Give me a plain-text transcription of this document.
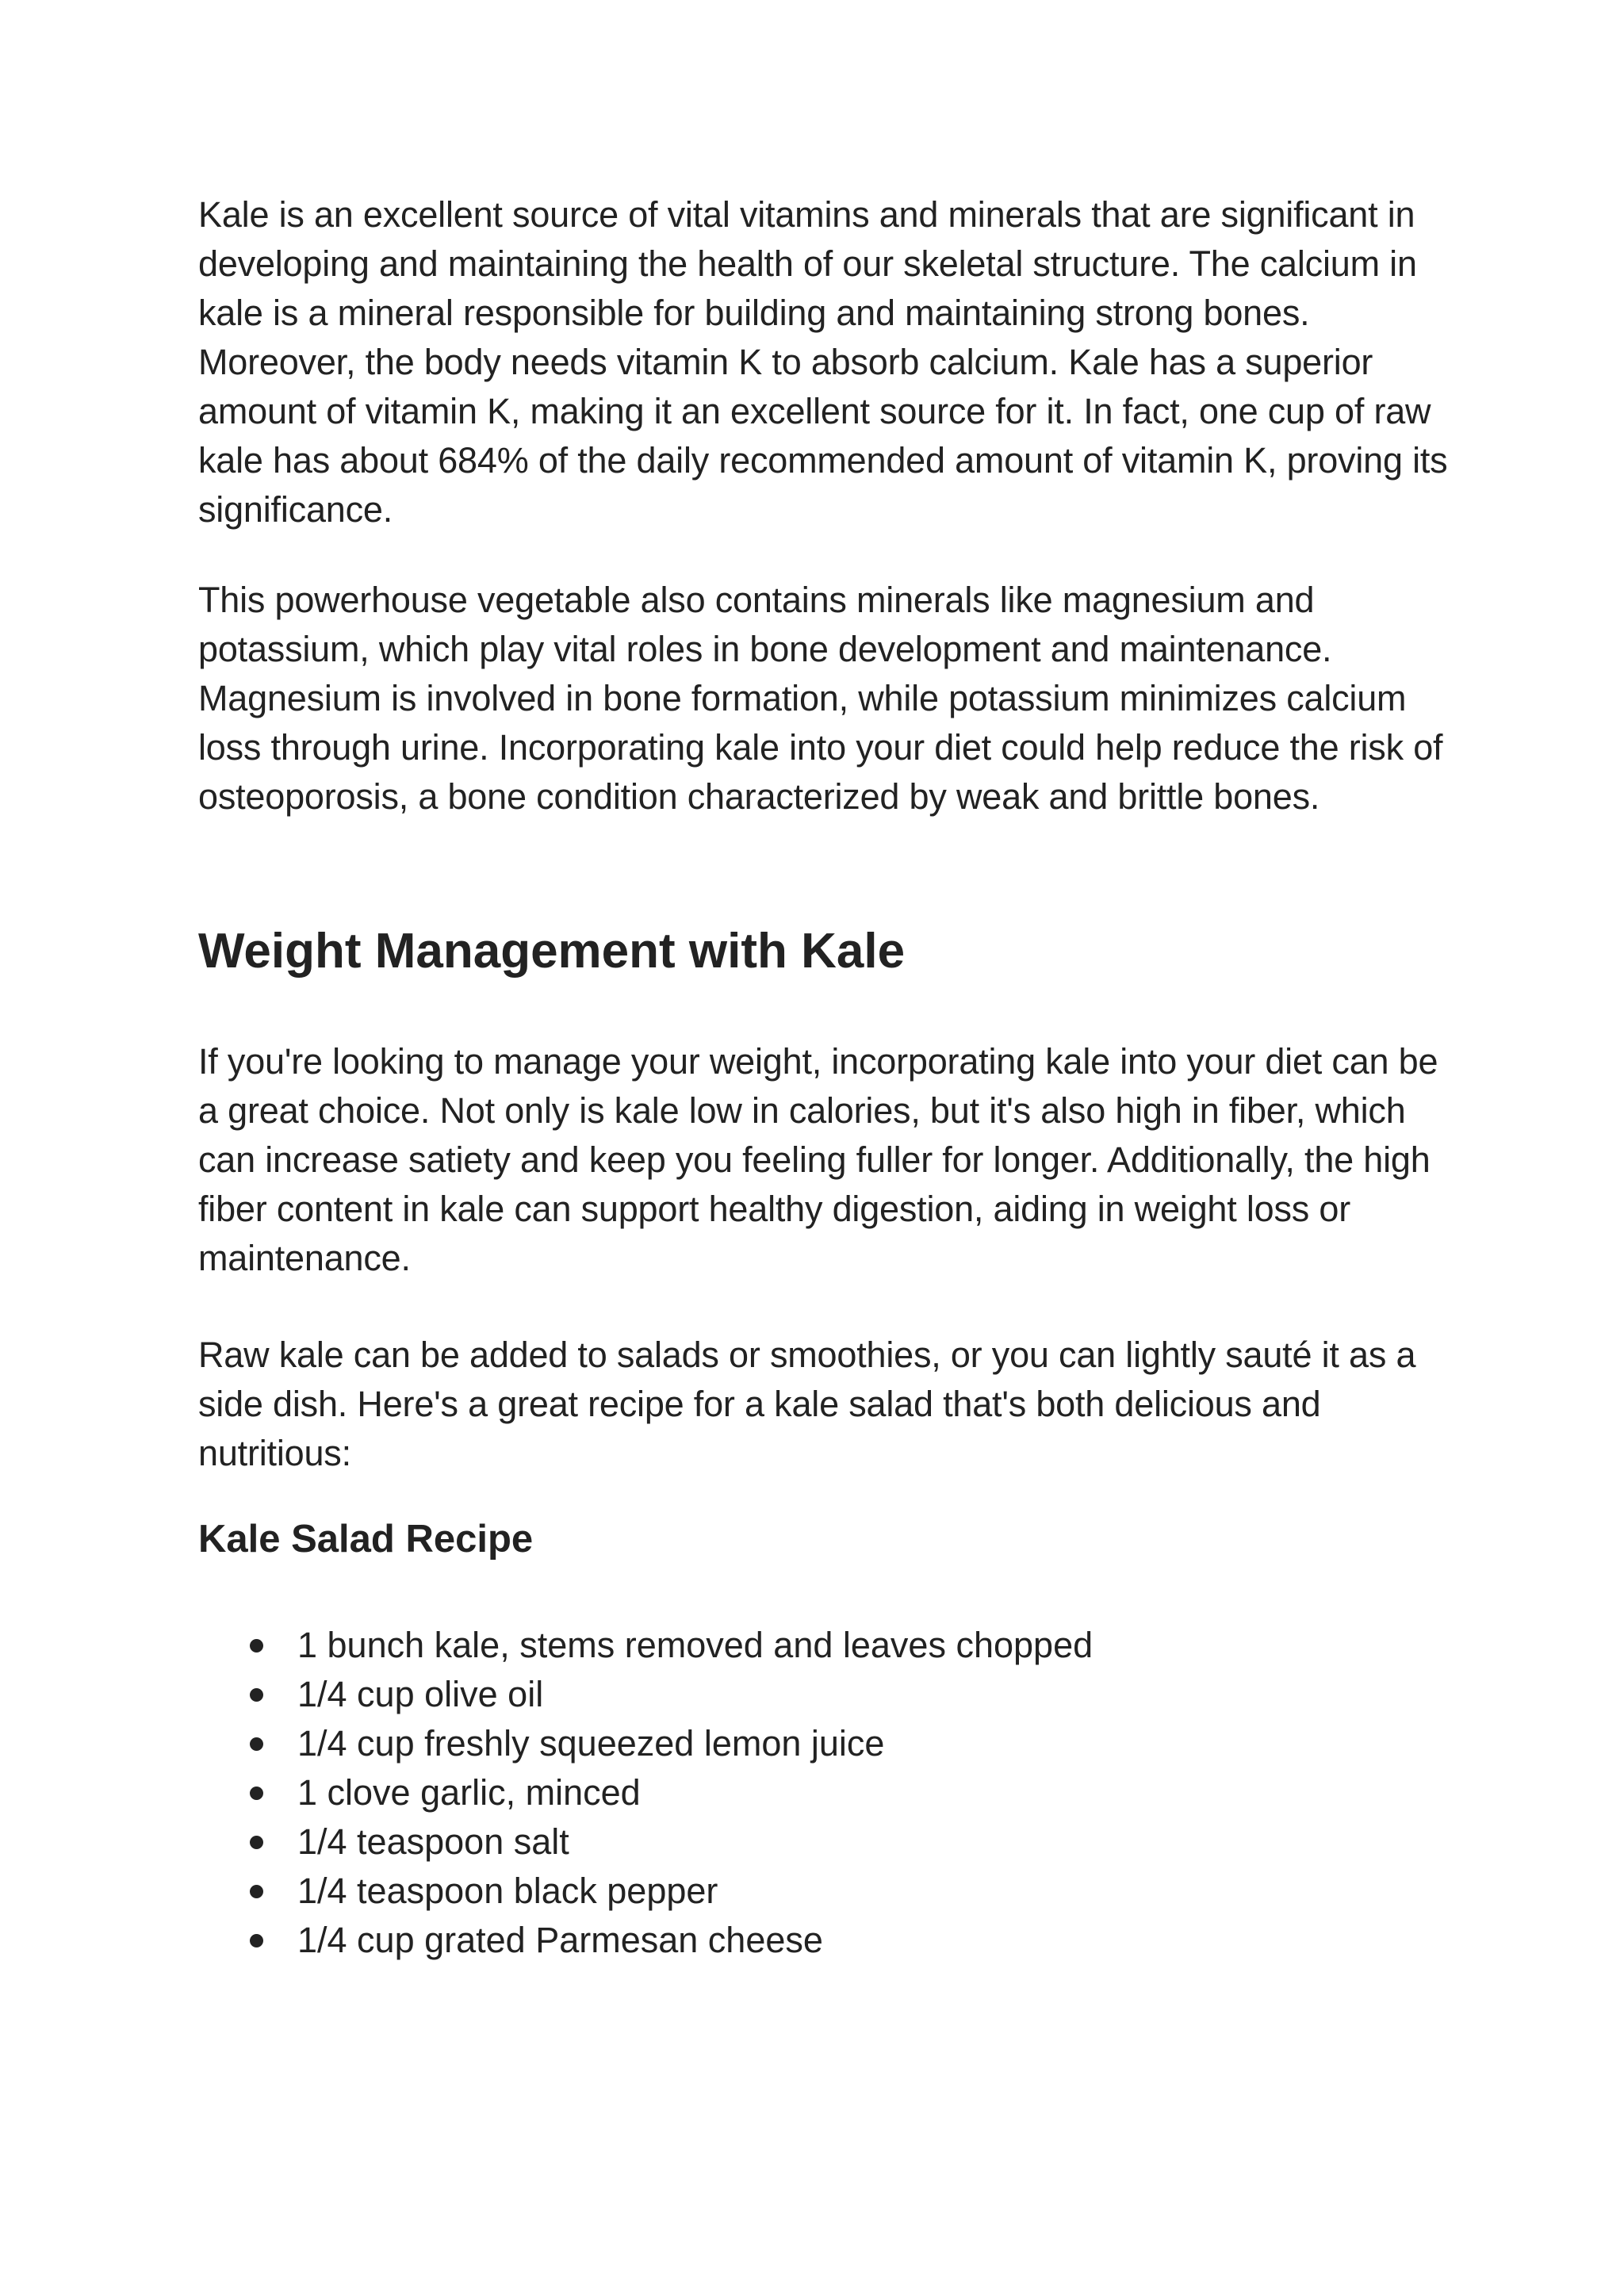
Kale is an excellent source of vital vitamins and minerals that are significant in developing and maintaining the health of our skeletal structure. The calcium in kale is a mineral responsible for building and maintaining strong bones. Moreover, the body needs vitamin K to absorb calcium. Kale has a superior amount of vitamin K, making it an excellent source for it. In fact, one cup of raw kale has about 684% of the daily recommended amount of vitamin K, proving its significance.

This powerhouse vegetable also contains minerals like magnesium and potassium, which play vital roles in bone development and maintenance. Magnesium is involved in bone formation, while potassium minimizes calcium loss through urine. Incorporating kale into your diet could help reduce the risk of osteoporosis, a bone condition characterized by weak and brittle bones.

Weight Management with Kale

If you're looking to manage your weight, incorporating kale into your diet can be a great choice. Not only is kale low in calories, but it's also high in fiber, which can increase satiety and keep you feeling fuller for longer. Additionally, the high fiber content in kale can support healthy digestion, aiding in weight loss or maintenance.

Raw kale can be added to salads or smoothies, or you can lightly sauté it as a side dish. Here's a great recipe for a kale salad that's both delicious and nutritious:

Kale Salad Recipe
1 bunch kale, stems removed and leaves chopped
1/4 cup olive oil
1/4 cup freshly squeezed lemon juice
1 clove garlic, minced
1/4 teaspoon salt
1/4 teaspoon black pepper
1/4 cup grated Parmesan cheese
